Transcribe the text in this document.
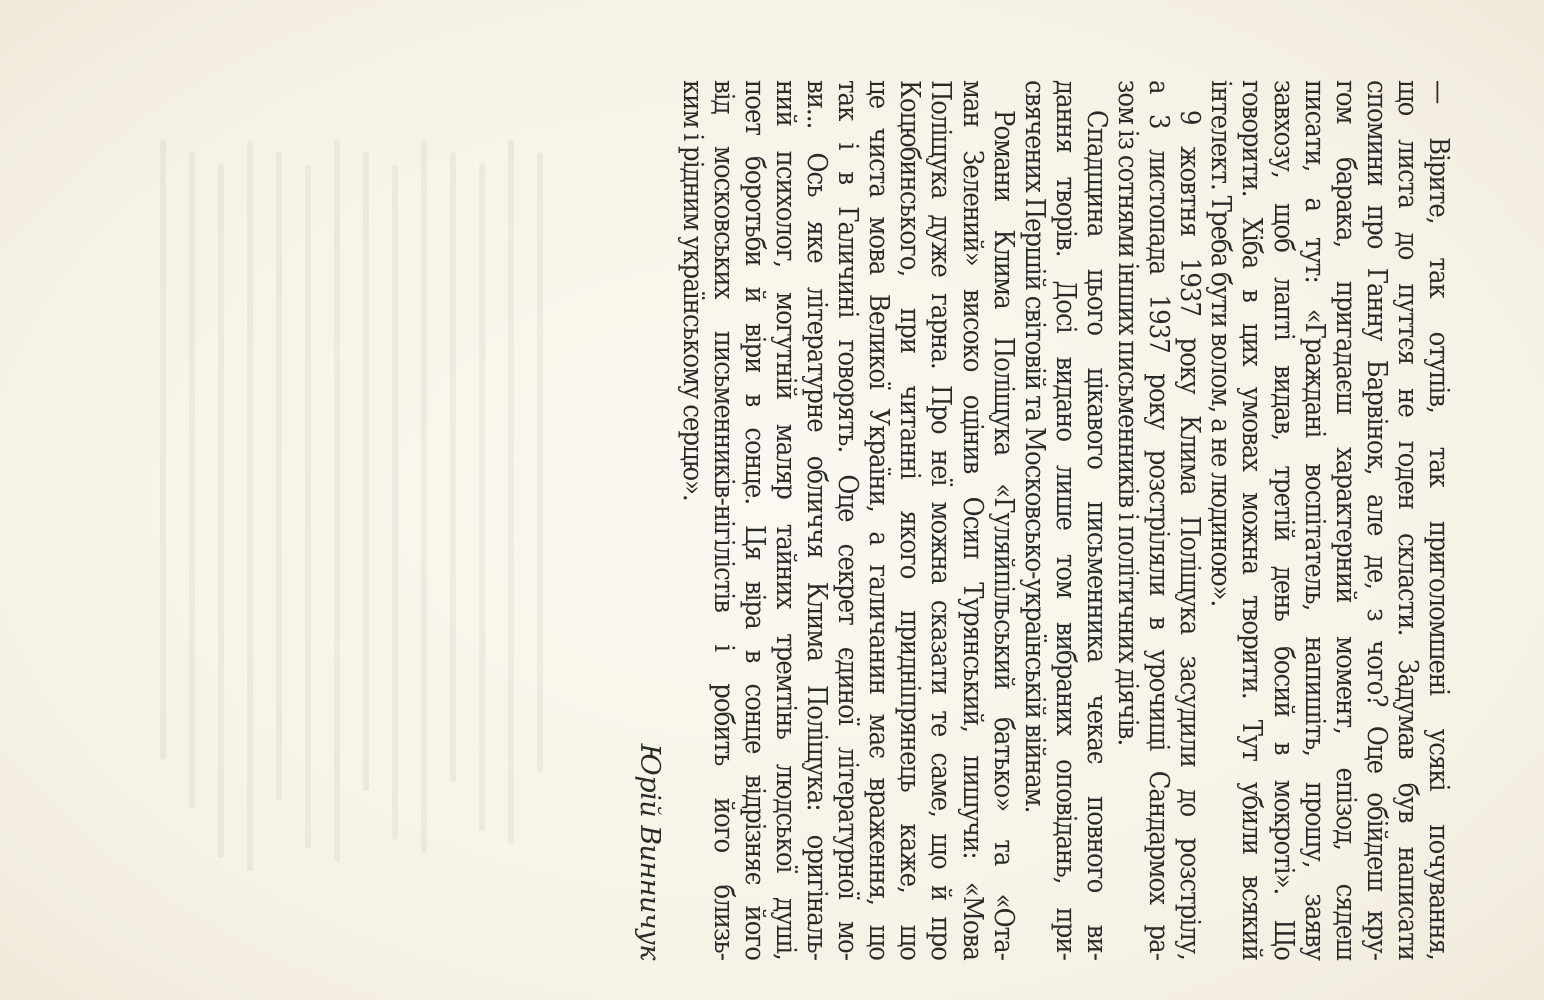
— Вірите, так отупів, так приголомшені усякі почування,
що листа до путтєя не годен скласти. Задумав був написати
спомини про Ганну Барвінок, але де, з чого? Оце обійдеш кру-
гом барака, пригадаєш характерний момент, епізод, сядеш
писати, а тут: «Граждані воспітатель, напишіть, прошу, заяву
завхозу, щоб лапті видав, третій день босий в мокроті». Що
говорити. Хіба в цих умовах можна творити. Тут убили всякий
інтелект. Треба бути волом, а не людиною».
9 жовтня 1937 року Клима Поліщука засудили до розстрілу,
а 3 листопада 1937 року розстріляли в урочищі Сандармох ра-
зом із сотнями інших письменників і політичних діячів.
Спадщина цього цікавого письменника чекає повного ви-
дання творів. Досі видано лише том вибраних оповідань, при-
свячених Першій світовій та Московсько-українській війнам.
Романи Клима Поліщука «Гуляйпільський батько» та «Ота-
ман Зелений» високо оцінив Осип Турянський, пишучи: «Мова
Поліщука дуже гарна. Про неї можна сказати те саме, що й про
Коцюбинського, при читанні якого придніпрянець каже, що
це чиста мова Великої України, а галичанин має враження, що
так і в Галичині говорять. Оце секрет єдиної літературної мо-
ви... Ось яке літературне обличчя Клима Поліщука: оригіналь-
ний психолог, могутній маляр тайних тремтінь людської душі,
поет боротьби й віри в сонце. Ця віра в сонце відрізняє його
від московських письменників-нігілістів і робить його близь-
ким і рідним українському серцю».
Юрій Винничук
